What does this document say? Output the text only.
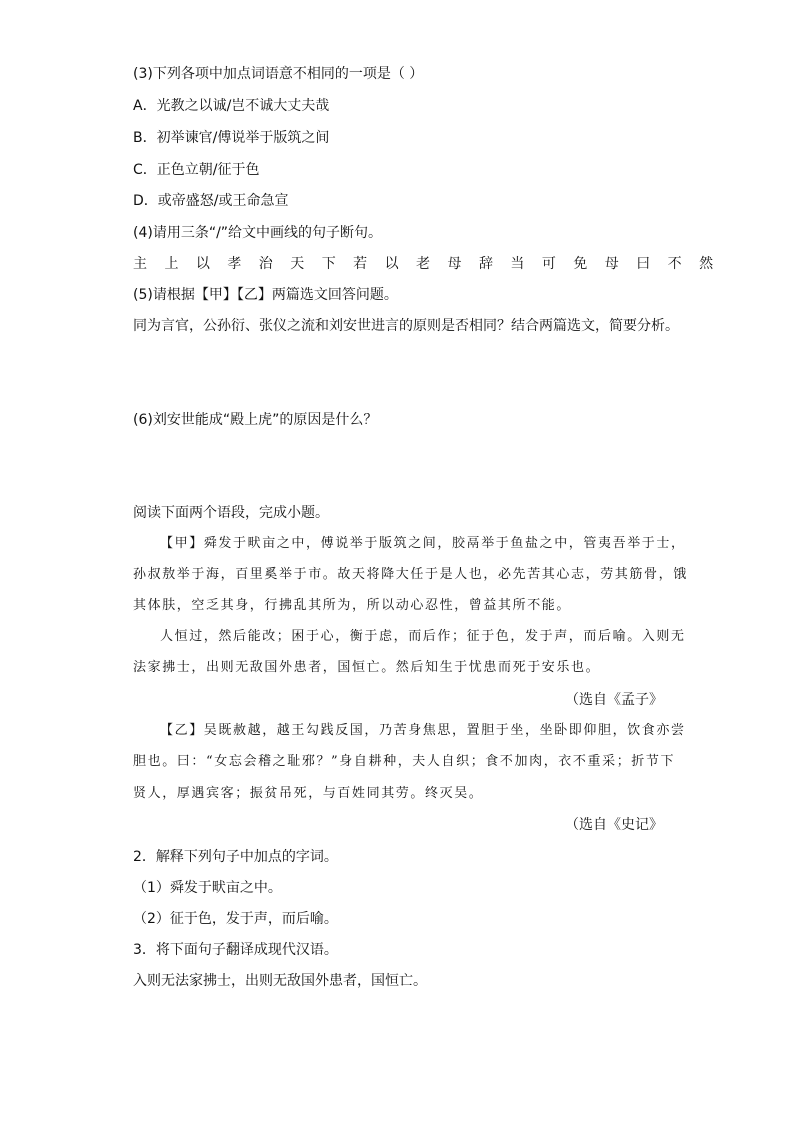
(3)下列各项中加点词语意不相同的一项是（ ）
A．光教之以诚/岂不诚大丈夫哉
B．初举谏官/傅说举于版筑之间
C．正色立朝/征于色
D．或帝盛怒/或王命急宣
(4)请用三条“/”给文中画线的句子断句。
主 上 以 孝 治 天 下 若 以 老 母 辞 当 可 免 母 曰 不 然
(5)请根据【甲】【乙】两篇选文回答问题。
同为言官，公孙衍、张仪之流和刘安世进言的原则是否相同？结合两篇选文，简要分析。
(6)刘安世能成“殿上虎”的原因是什么？
阅读下面两个语段，完成小题。
【甲】舜发于畎亩之中，傅说举于版筑之间，胶鬲举于鱼盐之中，管夷吾举于士，
孙叔敖举于海，百里奚举于市。故天将降大任于是人也，必先苦其心志，劳其筋骨，饿
其体肤，空乏其身，行拂乱其所为，所以动心忍性，曾益其所不能。
人恒过，然后能改；困于心，衡于虑，而后作；征于色，发于声，而后喻。入则无
法家拂士，出则无敌国外患者，国恒亡。然后知生于忧患而死于安乐也。
（选自《孟子》
【乙】吴既赦越，越王勾践反国，乃苦身焦思，置胆于坐，坐卧即仰胆，饮食亦尝
胆也。曰：“女忘会稽之耻邪？”身自耕种，夫人自织；食不加肉，衣不重采；折节下
贤人，厚遇宾客；振贫吊死，与百姓同其劳。终灭吴。
（选自《史记》
2．解释下列句子中加点的字词。
（1）舜发于畎亩之中。
（2）征于色，发于声，而后喻。
3．将下面句子翻译成现代汉语。
入则无法家拂士，出则无敌国外患者，国恒亡。
